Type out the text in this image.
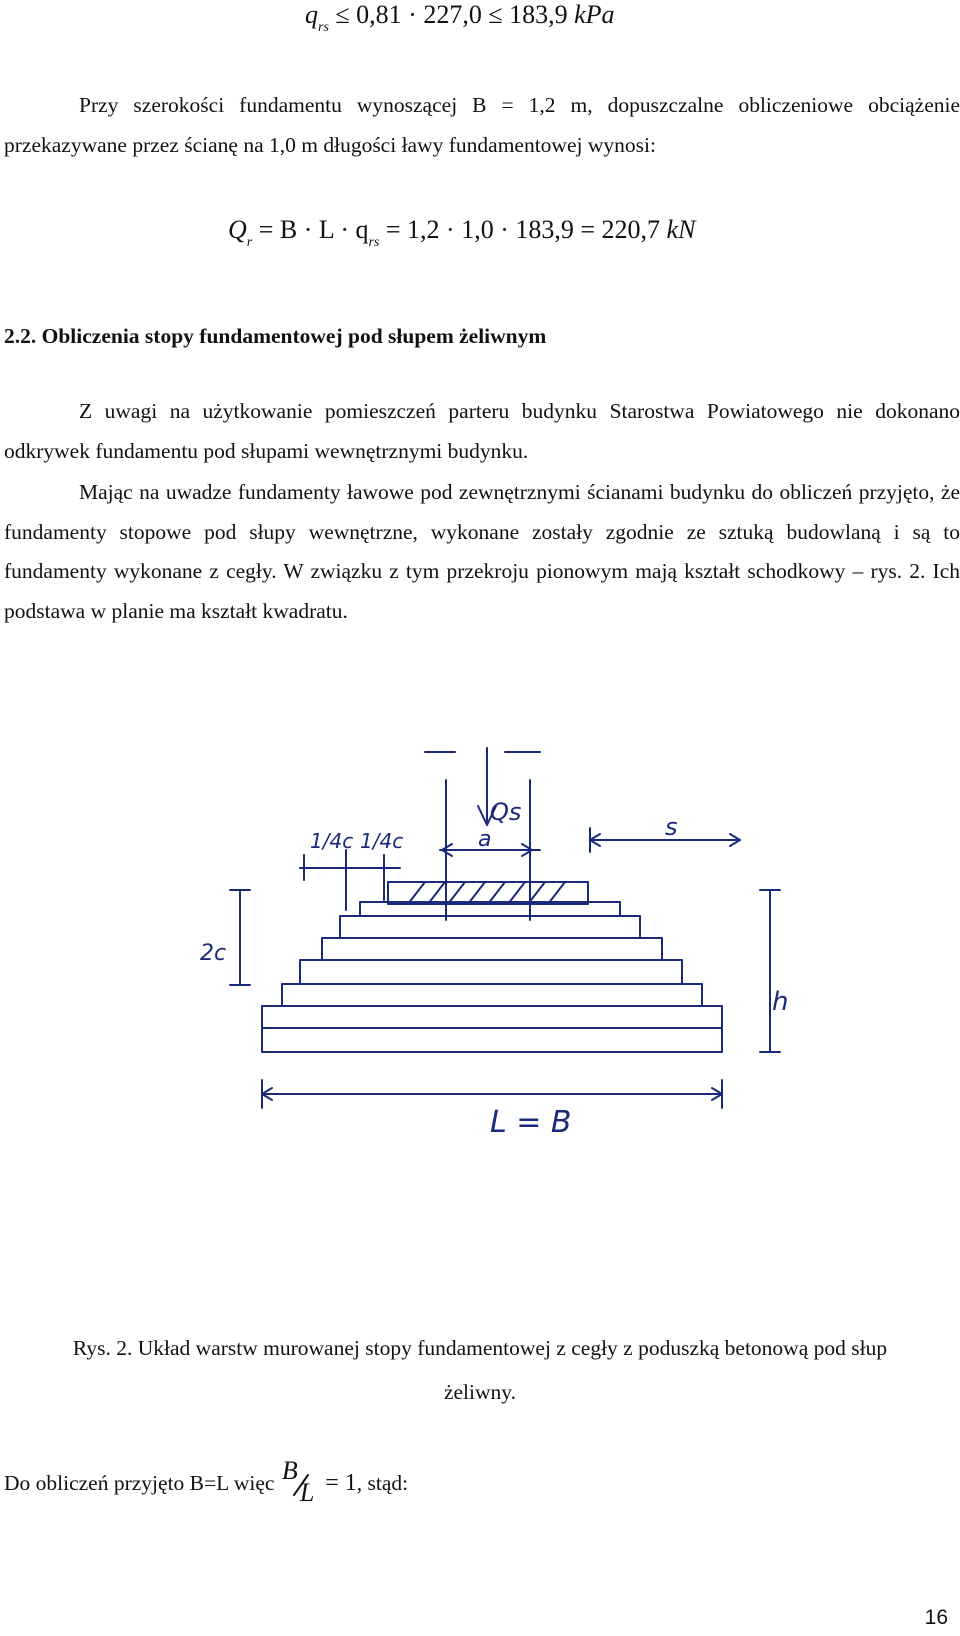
$q_{rs} \le 0,81 \cdot 227,0 \le 183,9$ kPa
Przy szerokości fundamentu wynoszącej B = 1,2 m, dopuszczalne obliczeniowe obciążenie przekazywane przez ścianę na 1,0 m długości ławy fundamentowej wynosi:
$Q_r = B \cdot L \cdot q_{rs} = 1,2 \cdot 1,0 \cdot 183,9 = 220,7$ kN
2.2. Obliczenia stopy fundamentowej pod słupem żeliwnym
Z uwagi na użytkowanie pomieszczeń parteru budynku Starostwa Powiatowego nie dokonano odkrywek fundamentu pod słupami wewnętrznymi budynku.
Mając na uwadze fundamenty ławowe pod zewnętrznymi ścianami budynku do obliczeń przyjęto, że fundamenty stopowe pod słupy wewnętrzne, wykonane zostały zgodnie ze sztuką budowlaną i są to fundamenty wykonane z cegły. W związku z tym przekroju pionowym mają kształt schodkowy – rys. 2. Ich podstawa w planie ma kształt kwadratu.
Qs
a
1/4c 1/4c	s
2c
h
L = B
Rys. 2. Układ warstw murowanej stopy fundamentowej z cegły z poduszką betonową pod słup żeliwny.
Do obliczeń przyjęto B=L więc B
L = 1, stąd:
16
